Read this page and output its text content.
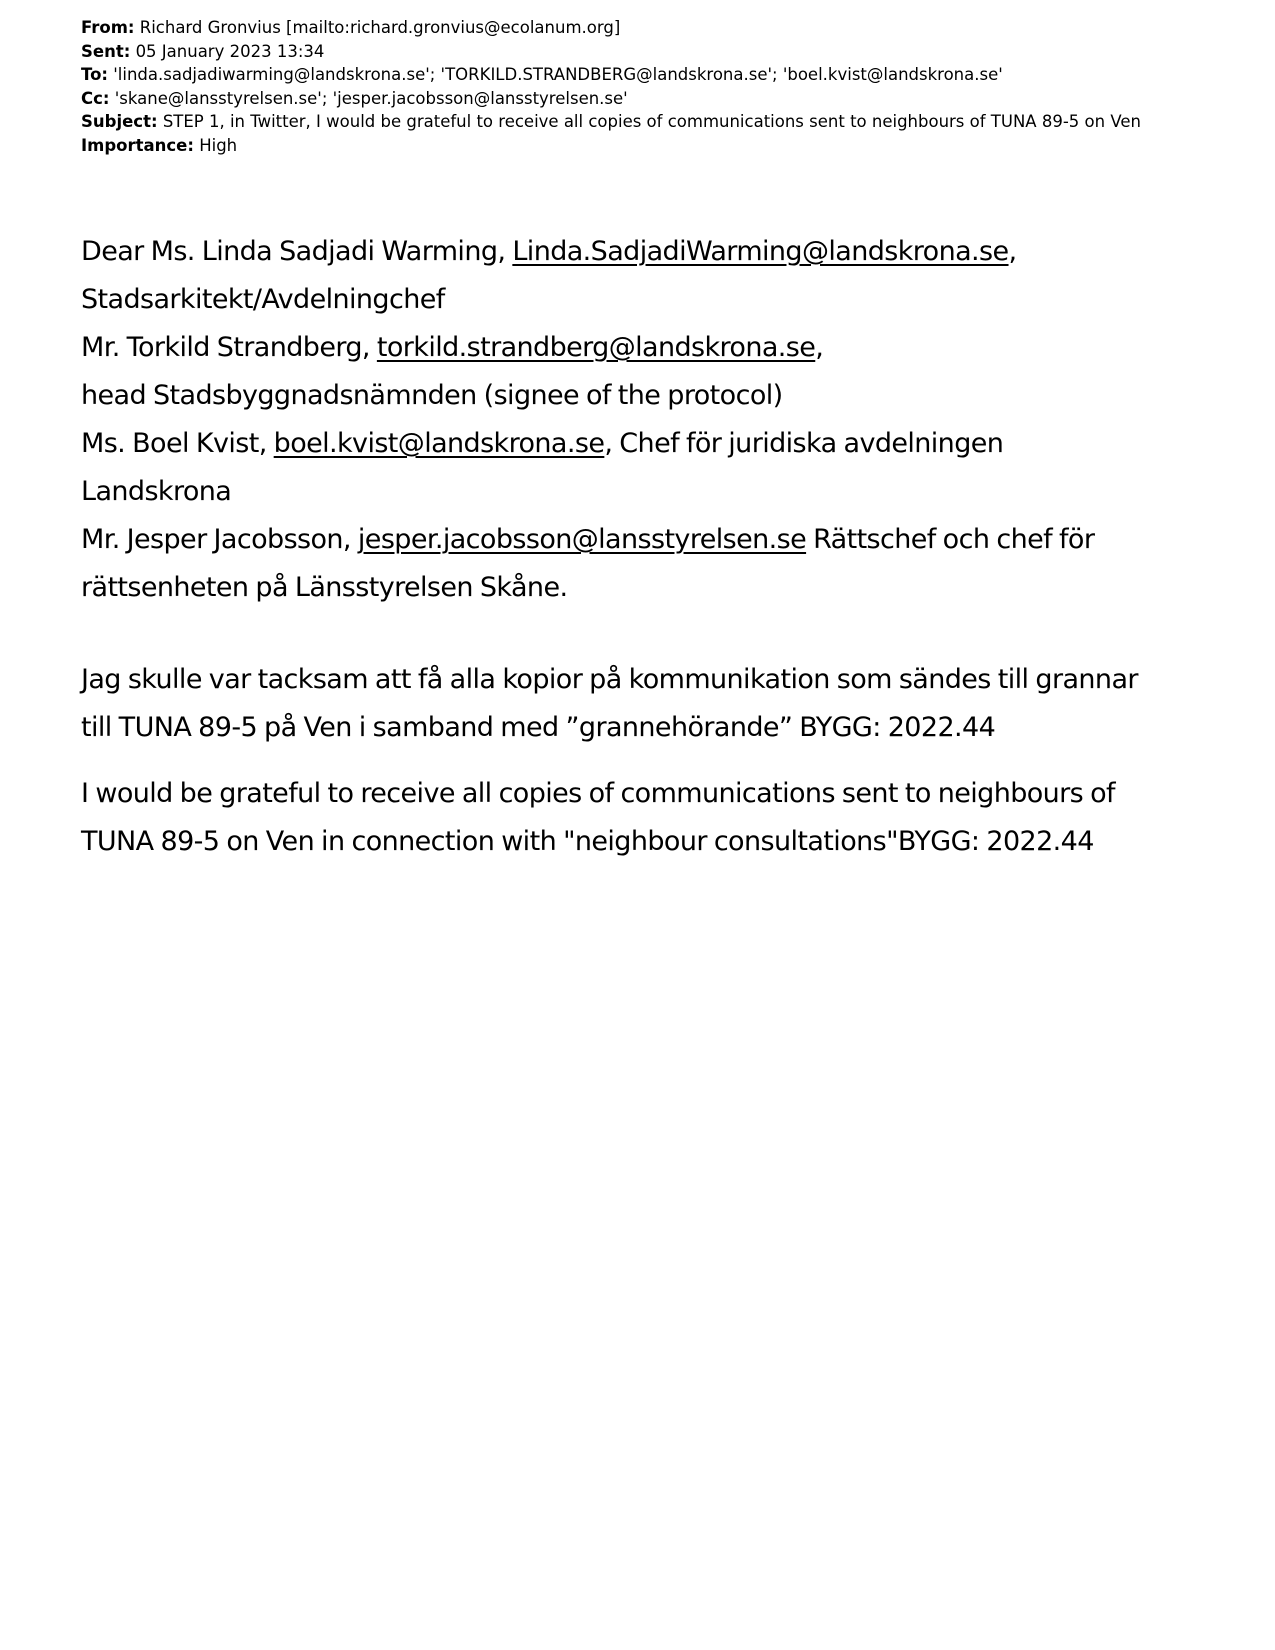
From: Richard Gronvius [mailto:richard.gronvius@ecolanum.org]

Sent: 05 January 2023 13:34

To: 'linda.sadjadiwarming@landskrona.se'; 'TORKILD.STRANDBERG@landskrona.se'; 'boel.kvist@landskrona.se'

Cc: 'skane@lansstyrelsen.se'; 'jesper.jacobsson@lansstyrelsen.se'

Subject: STEP 1, in Twitter, I would be grateful to receive all copies of communications sent to neighbours of TUNA 89-5 on Ven

Importance: High

Dear Ms. Linda Sadjadi Warming, Linda.SadjadiWarming@landskrona.se,

Stadsarkitekt/Avdelningchef

Mr. Torkild Strandberg, torkild.strandberg@landskrona.se,

head Stadsbyggnadsnämnden (signee of the protocol)

Ms. Boel Kvist, boel.kvist@landskrona.se, Chef för juridiska avdelningen

Landskrona

Mr. Jesper Jacobsson, jesper.jacobsson@lansstyrelsen.se Rättschef och chef för

rättsenheten på Länsstyrelsen Skåne.

Jag skulle var tacksam att få alla kopior på kommunikation som sändes till grannar

till TUNA 89-5 på Ven i samband med ”grannehörande” BYGG: 2022.44

I would be grateful to receive all copies of communications sent to neighbours of

TUNA 89-5 on Ven in connection with "neighbour consultations"BYGG: 2022.44
